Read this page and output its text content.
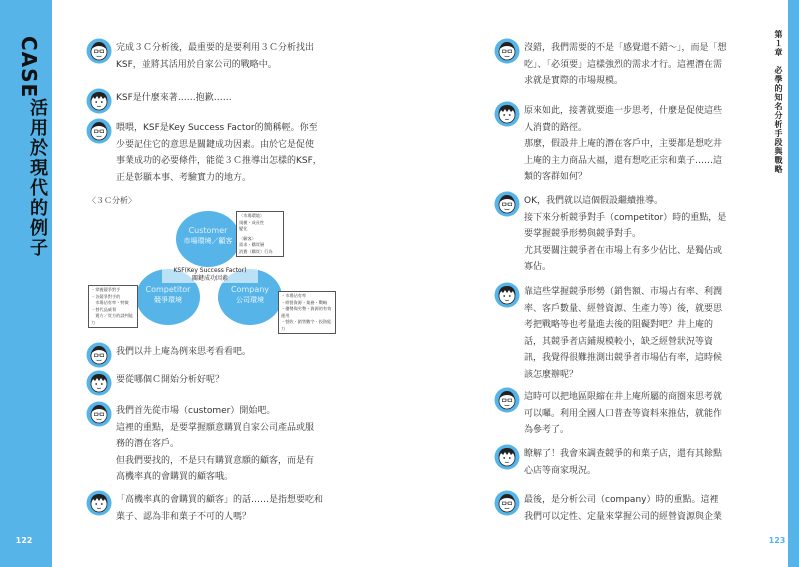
CASE
活用於現代的例子
122
第１章　必學的知名分析手段與戰略
123

完成３Ｃ分析後，最重要的是要利用３Ｃ分析找出

KSF，並將其活用於自家公司的戰略中。

KSF是什麼來著……抱歉……

喂喂，KSF是Key Success Factor的簡稱輕。你至

少要記住它的意思是關鍵成功因素。由於它是促使

事業成功的必要條件，能從３Ｃ推導出怎樣的KSF，

正是彰顯本事、考驗實力的地方。

〈３Ｃ分析〉
Customer
市場環境／顧客
Competitor
競爭環境
Company
公司環境
KSF(Key Success Factor)
關鍵成功因素
〈市場環境〉
規模・成長性
變化
〈顧客〉
需求・購買層
消費（購買）行為
・掌握競爭對手
・各競爭對手的
　市場佔有率・特徵
・替代品威脅
　賣方／買方的談判能力
・市場佔有率
・經營資源・業務・戰略
・優勢與劣勢・資源的有效運用
・營收・銷售數字・投資能力

我們以井上庵為例來思考看看吧。

要從哪個Ｃ開始分析好呢？

我們首先從市場（customer）開始吧。

這裡的重點，是要掌握願意購買自家公司產品或服

務的潛在客戶。

但我們要找的，不是只有購買意願的顧客，而是有

高機率真的會購買的顧客哦。

「高機率真的會購買的顧客」的話……是指想要吃和

菓子、認為非和菓子不可的人嗎？

沒錯，我們需要的不是「感覺還不錯～」，而是「想

吃」、「必須要」這樣強烈的需求才行。這裡潛在需

求就是實際的市場規模。

原來如此，接著就要進一步思考，什麼是促使這些

人消費的路徑。

那麼，假設井上庵的潛在客戶中，主要都是想吃井

上庵的主力商品大福，還有想吃正宗和菓子……這

類的客群如何？

OK，我們就以這個假設繼續推導。

接下來分析競爭對手（competitor）時的重點，是

要掌握競爭形勢與競爭對手。

尤其要關注競爭者在市場上有多少佔比、是獨佔或

寡佔。

靠這些掌握競爭形勢（銷售額、市場占有率、利潤

率、客戶數量、經營資源、生產力等）後，就要思

考把戰略等也考量進去後的阻礙對吧？井上庵的

話，其競爭者店鋪規模較小，缺乏經營狀況等資

訊，我覺得很難推測出競爭者市場佔有率，這時候

該怎麼辦呢？

這時可以把地區限縮在井上庵所屬的商圈來思考就

可以囉。利用全國人口普查等資料來推估，就能作

為參考了。

瞭解了！我會來調查競爭的和菓子店，還有其餘點

心店等商家現況。

最後，是分析公司（company）時的重點。這裡

我們可以定性、定量來掌握公司的經營資源與企業
